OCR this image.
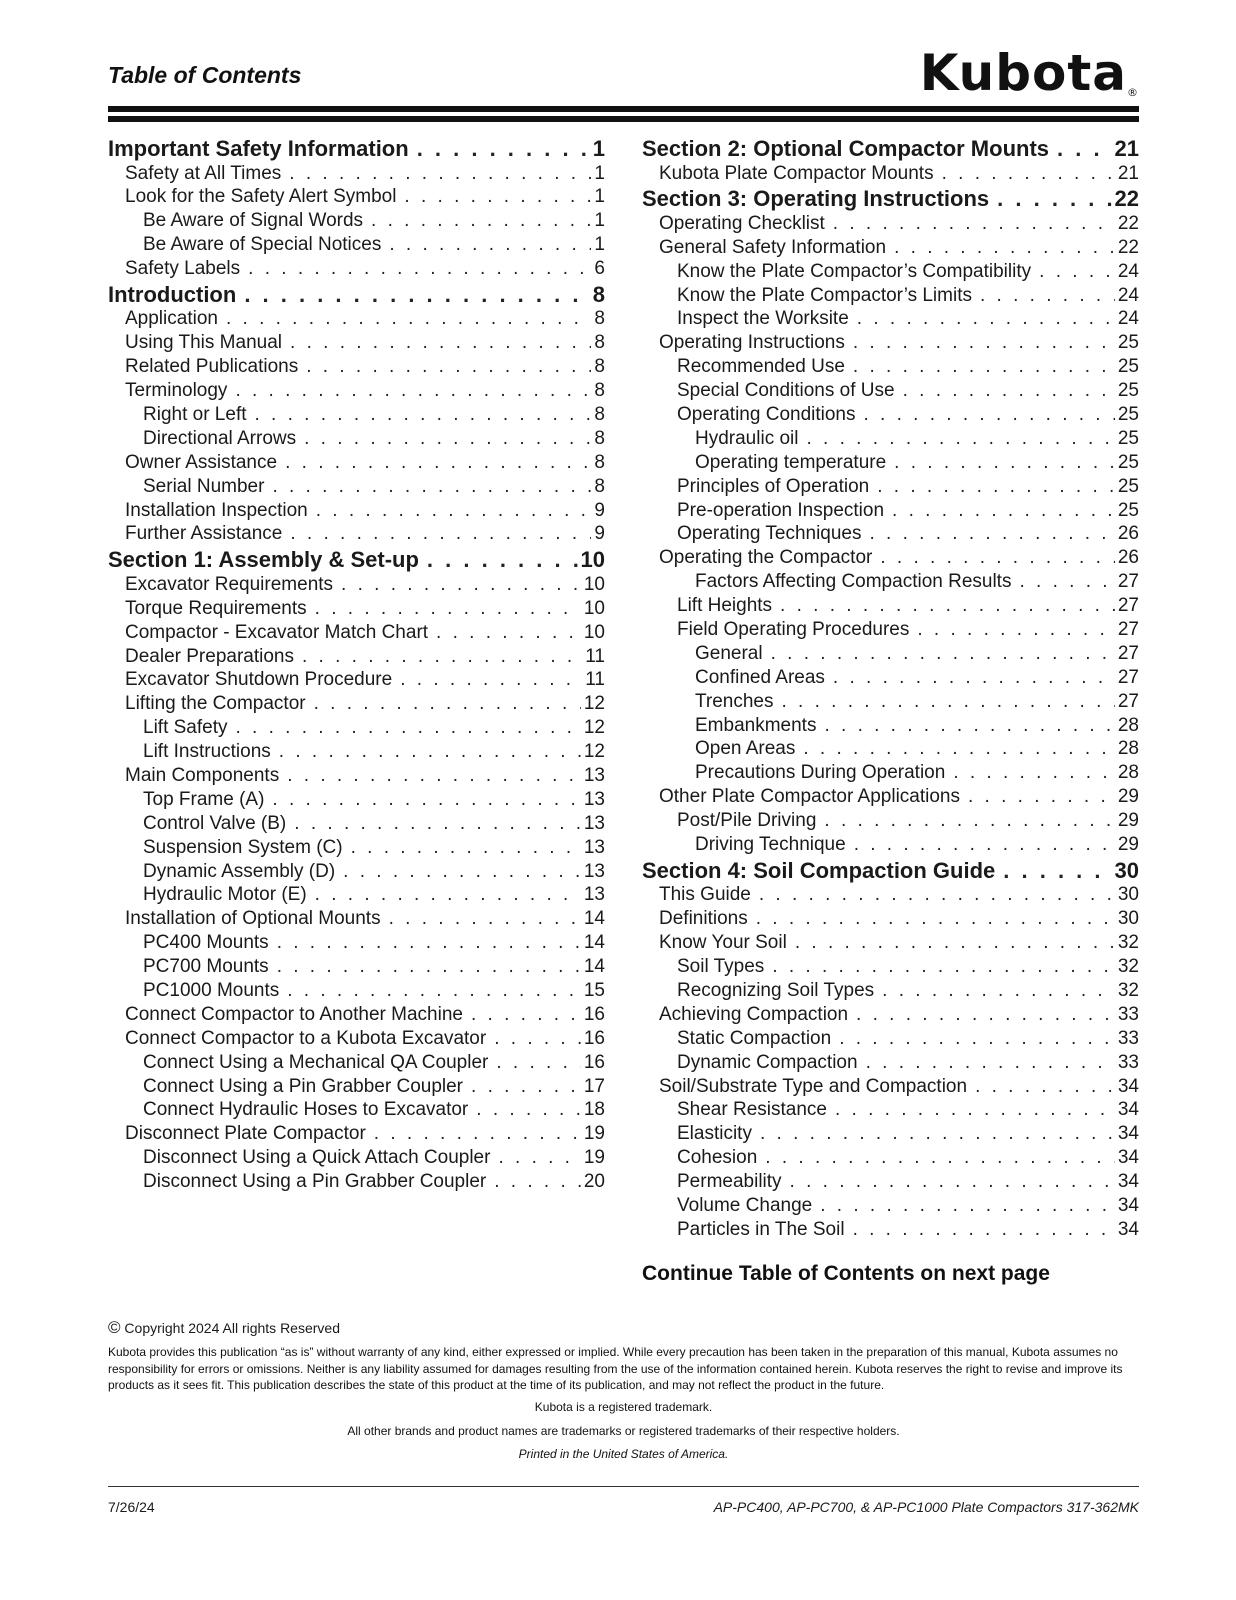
Table of Contents	Kubota®
Important Safety Information . . .	1
Safety at All Times . . .	1
Look for the Safety Alert Symbol . . .	1
Be Aware of Signal Words . . .	1
Be Aware of Special Notices . . .	1
Safety Labels . . .	6
Introduction . . .	8
Application . . .	8
Using This Manual . . .	8
Related Publications . . .	8
Terminology . . .	8
Right or Left . . .	8
Directional Arrows . . .	8
Owner Assistance . . .	8
Serial Number . . .	8
Installation Inspection . . .	9
Further Assistance . . .	9
Section 1: Assembly & Set-up . . .	10
Excavator Requirements . . .	10
Torque Requirements . . .	10
Compactor - Excavator Match Chart . . .	10
Dealer Preparations . . .	11
Excavator Shutdown Procedure . . .	11
Lifting the Compactor . . .	12
Lift Safety . . .	12
Lift Instructions . . .	12
Main Components . . .	13
Top Frame (A) . . .	13
Control Valve (B) . . .	13
Suspension System (C) . . .	13
Dynamic Assembly (D) . . .	13
Hydraulic Motor (E) . . .	13
Installation of Optional Mounts . . .	14
PC400 Mounts . . .	14
PC700 Mounts . . .	14
PC1000 Mounts . . .	15
Connect Compactor to Another Machine . . .	16
Connect Compactor to a Kubota Excavator . . .	16
Connect Using a Mechanical QA Coupler . . .	16
Connect Using a Pin Grabber Coupler . . .	17
Connect Hydraulic Hoses to Excavator . . .	18
Disconnect Plate Compactor . . .	19
Disconnect Using a Quick Attach Coupler . . .	19
Disconnect Using a Pin Grabber Coupler . . .	20
Section 2: Optional Compactor Mounts . . .	21
Kubota Plate Compactor Mounts . . .	21
Section 3: Operating Instructions . . .	22
Operating Checklist . . .	22
General Safety Information . . .	22
Know the Plate Compactor’s Compatibility . . .	24
Know the Plate Compactor’s Limits . . .	24
Inspect the Worksite . . .	24
Operating Instructions . . .	25
Recommended Use . . .	25
Special Conditions of Use . . .	25
Operating Conditions . . .	25
Hydraulic oil . . .	25
Operating temperature . . .	25
Principles of Operation . . .	25
Pre-operation Inspection . . .	25
Operating Techniques . . .	26
Operating the Compactor . . .	26
Factors Affecting Compaction Results . . .	27
Lift Heights . . .	27
Field Operating Procedures . . .	27
General . . .	27
Confined Areas . . .	27
Trenches . . .	27
Embankments . . .	28
Open Areas . . .	28
Precautions During Operation . . .	28
Other Plate Compactor Applications . . .	29
Post/Pile Driving . . .	29
Driving Technique . . .	29
Section 4: Soil Compaction Guide . . .	30
This Guide . . .	30
Definitions . . .	30
Know Your Soil . . .	32
Soil Types . . .	32
Recognizing Soil Types . . .	32
Achieving Compaction . . .	33
Static Compaction . . .	33
Dynamic Compaction . . .	33
Soil/Substrate Type and Compaction . . .	34
Shear Resistance . . .	34
Elasticity . . .	34
Cohesion . . .	34
Permeability . . .	34
Volume Change . . .	34
Particles in The Soil . . .	34
Continue Table of Contents on next page
© Copyright 2024 All rights Reserved
Kubota provides this publication “as is” without warranty of any kind, either expressed or implied. While every precaution has been taken in the preparation of this manual, Kubota assumes no responsibility for errors or omissions. Neither is any liability assumed for damages resulting from the use of the information contained herein. Kubota reserves the right to revise and improve its products as it sees fit. This publication describes the state of this product at the time of its publication, and may not reflect the product in the future.
Kubota is a registered trademark.
All other brands and product names are trademarks or registered trademarks of their respective holders.
Printed in the United States of America.
7/26/24	AP-PC400, AP-PC700, & AP-PC1000 Plate Compactors 317-362MK
